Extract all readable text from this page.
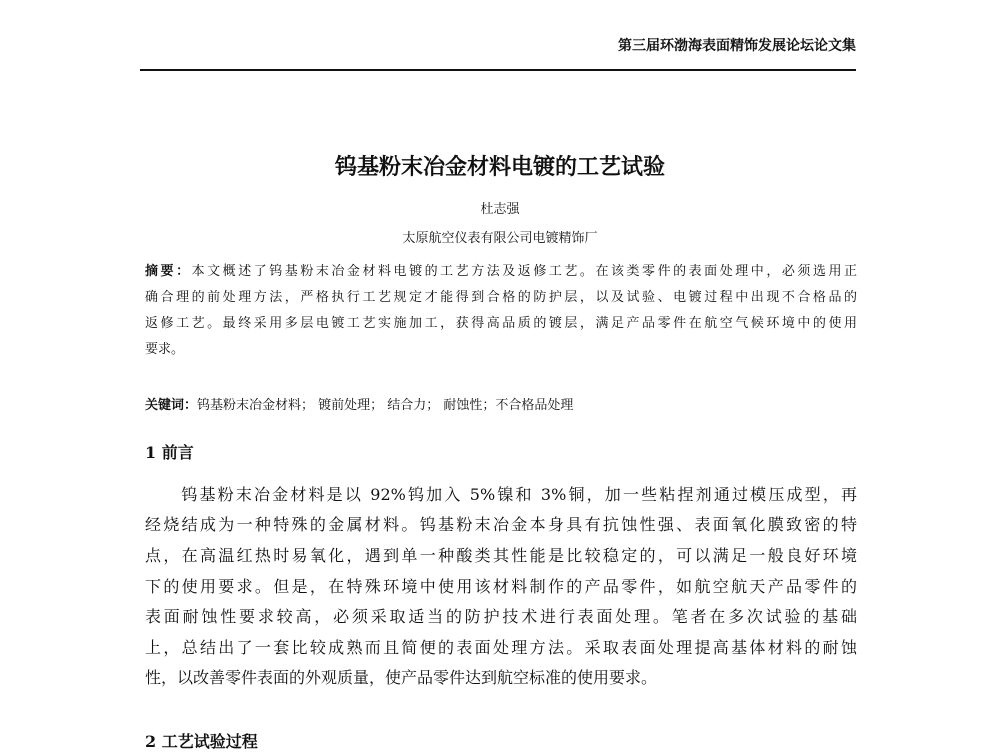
第三届环渤海表面精饰发展论坛论文集
钨基粉末冶金材料电镀的工艺试验
杜志强
太原航空仪表有限公司电镀精饰厂
摘要：本文概述了钨基粉末冶金材料电镀的工艺方法及返修工艺。在该类零件的表面处理中，必须选用正
确合理的前处理方法，严格执行工艺规定才能得到合格的防护层，以及试验、电镀过程中出现不合格品的
返修工艺。最终采用多层电镀工艺实施加工，获得高品质的镀层，满足产品零件在航空气候环境中的使用
要求。
关键词：钨基粉末冶金材料； 镀前处理； 结合力； 耐蚀性；不合格品处理
1 前言
　　钨基粉末冶金材料是以 92%钨加入 5%镍和 3%铜，加一些粘捏剂通过模压成型，再
经烧结成为一种特殊的金属材料。钨基粉末冶金本身具有抗蚀性强、表面氧化膜致密的特
点，在高温红热时易氧化，遇到单一种酸类其性能是比较稳定的，可以满足一般良好环境
下的使用要求。但是，在特殊环境中使用该材料制作的产品零件，如航空航天产品零件的
表面耐蚀性要求较高，必须采取适当的防护技术进行表面处理。笔者在多次试验的基础
上，总结出了一套比较成熟而且简便的表面处理方法。采取表面处理提高基体材料的耐蚀
性，以改善零件表面的外观质量，使产品零件达到航空标准的使用要求。
2 工艺试验过程
